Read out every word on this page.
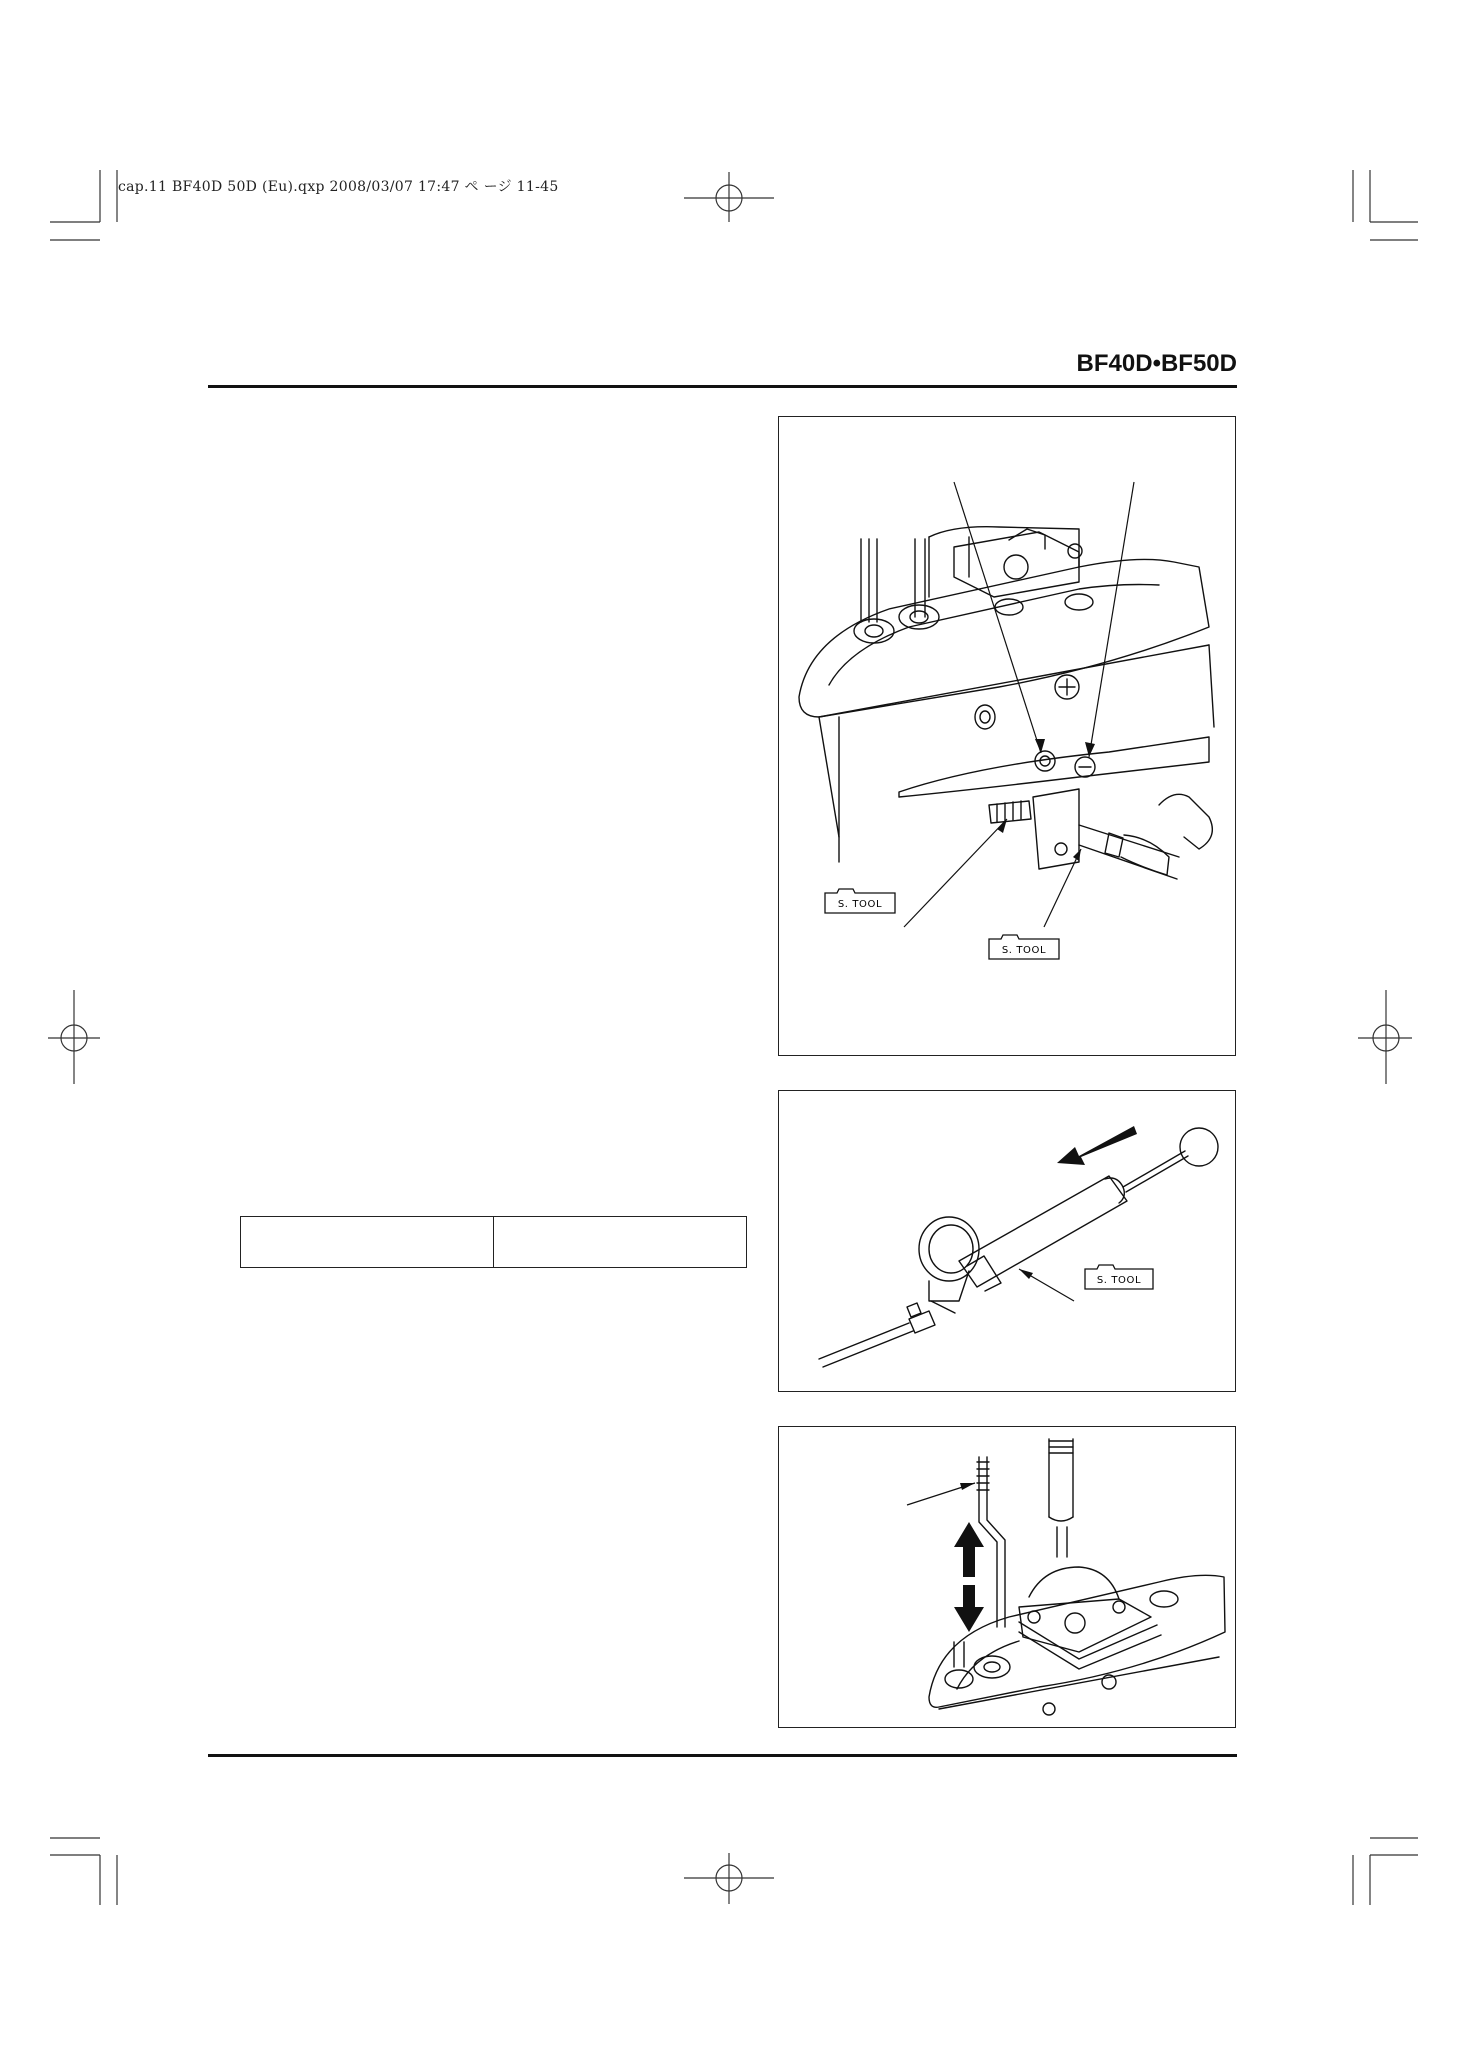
cap.11 BF40D 50D (Eu).qxp 2008/03/07 17:47 ペ ージ 11-45
BF40D•BF50D
S. TOOL
S. TOOL
S. TOOL
